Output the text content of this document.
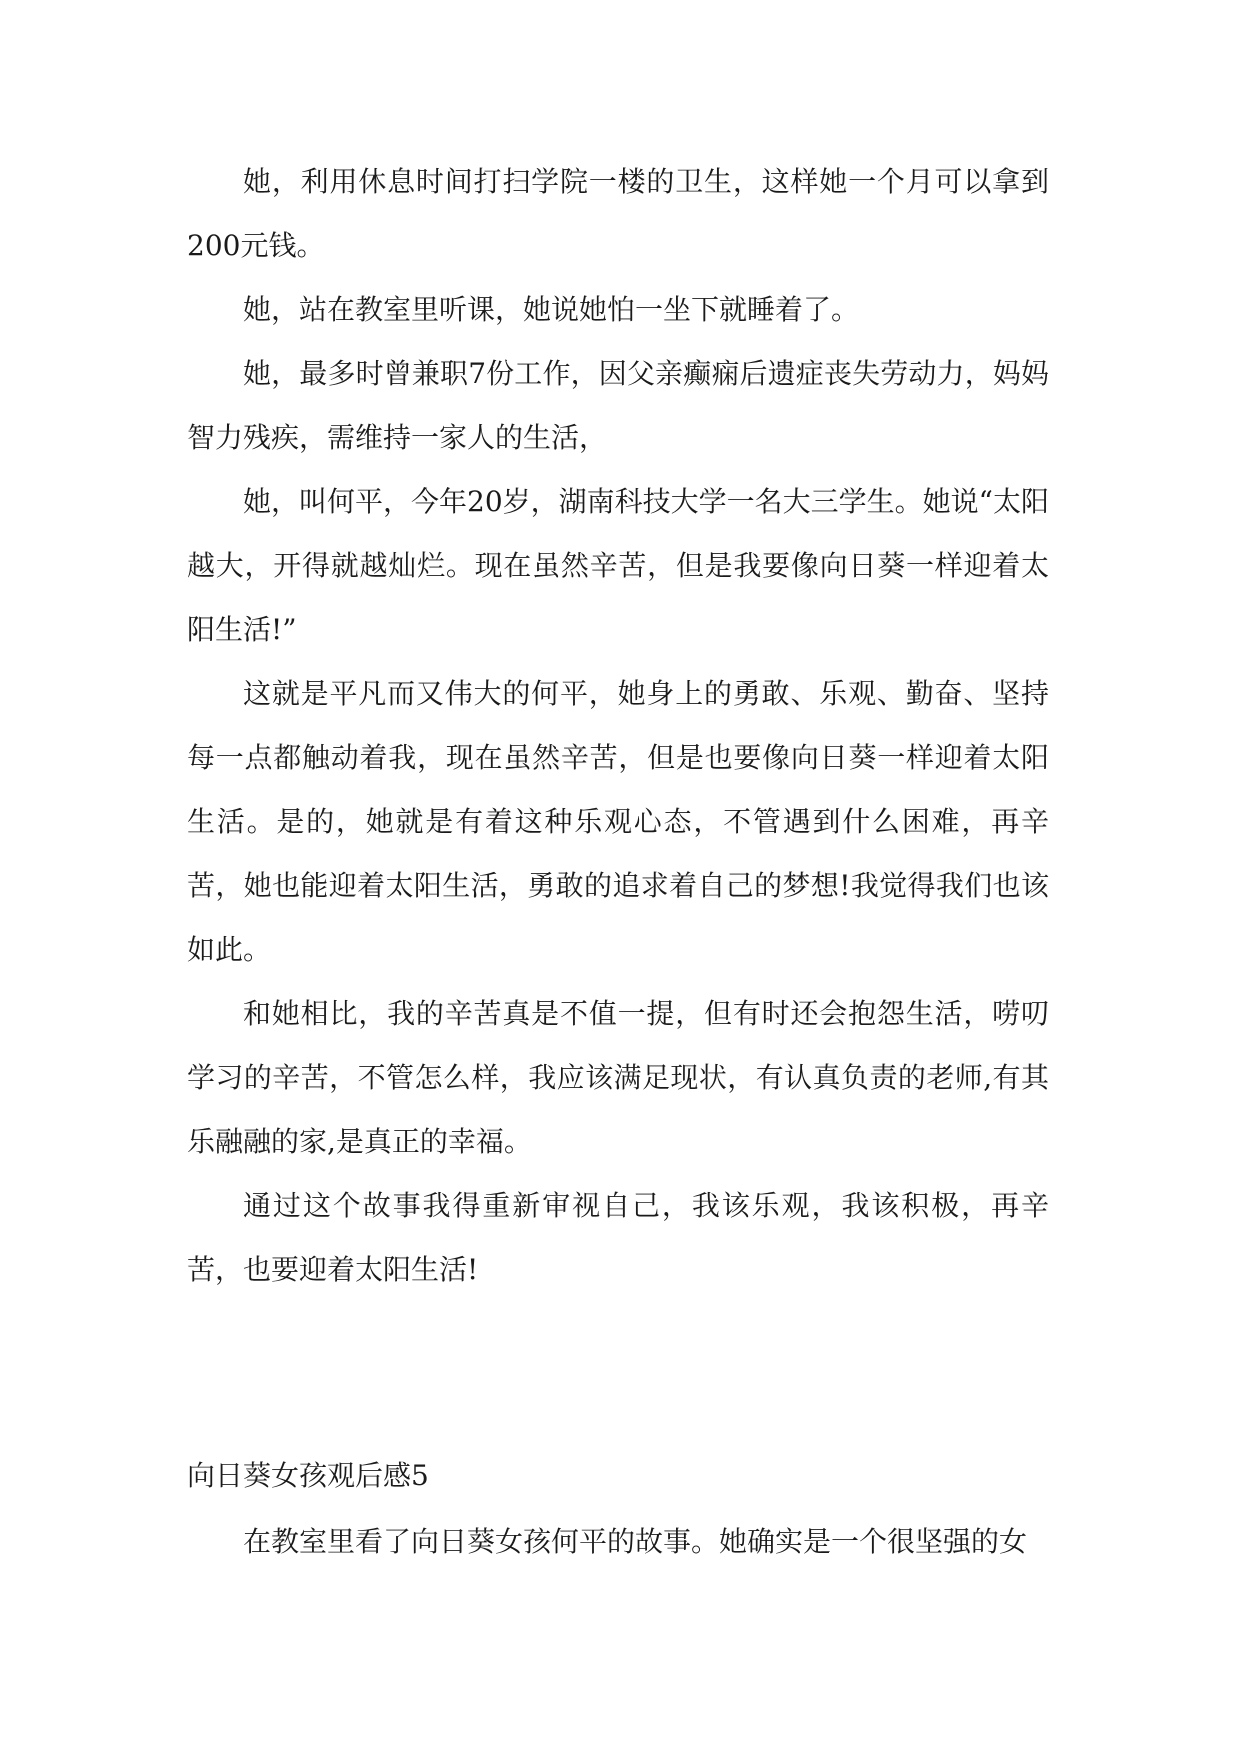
她，利用休息时间打扫学院一楼的卫生，这样她一个月可以拿到200元钱。

她，站在教室里听课，她说她怕一坐下就睡着了。

她，最多时曾兼职7份工作，因父亲癫痫后遗症丧失劳动力，妈妈智力残疾，需维持一家人的生活，

她，叫何平，今年20岁，湖南科技大学一名大三学生。她说“太阳越大，开得就越灿烂。现在虽然辛苦，但是我要像向日葵一样迎着太阳生活!”

这就是平凡而又伟大的何平，她身上的勇敢、乐观、勤奋、坚持每一点都触动着我，现在虽然辛苦，但是也要像向日葵一样迎着太阳生活。是的，她就是有着这种乐观心态，不管遇到什么困难，再辛苦，她也能迎着太阳生活，勇敢的追求着自己的梦想!我觉得我们也该如此。

和她相比，我的辛苦真是不值一提，但有时还会抱怨生活，唠叨学习的辛苦，不管怎么样，我应该满足现状，有认真负责的老师,有其乐融融的家,是真正的幸福。

通过这个故事我得重新审视自己，我该乐观，我该积极，再辛苦，也要迎着太阳生活!

向日葵女孩观后感5

在教室里看了向日葵女孩何平的故事。她确实是一个很坚强的女
